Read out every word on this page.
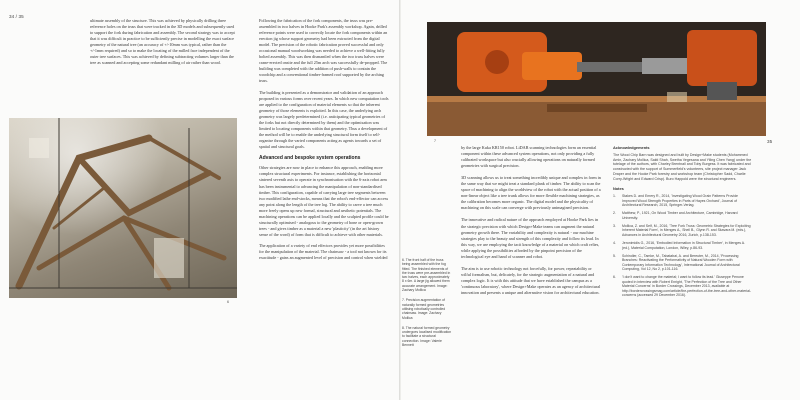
34 / 35

ultimate assembly of the structure. This was achieved by physically drilling three reference holes on the truss that were tracked in the 3D models and subsequently used to support the fork during fabrication and assembly. The second strategy was to accept that it was difficult in practice to be sufficiently precise in modelling the exact surface geometry of the natural tree (an accuracy of +/-10mm was typical, rather than the +/-1mm required) and so to make the locating of the milled face independent of the outer tree surfaces. This was achieved by defining subtracting volumes larger than the tree as scanned and accepting some redundant milling of air rather than wood.

6

Following the fabrication of the fork components, the truss was pre-assembled in two halves in Hooke Park's assembly workshop. Again, drilled reference points were used to correctly locate the fork components within an erection jig whose support geometry had been extracted from the digital model. The precision of the robotic fabrication proved successful and only occasional manual woodworking was needed to achieve a well-fitting fully bolted assembly. This was then dismantled when the two truss halves were crane-erected onsite and the full 25m arch was successfully de-propped. The building was completed with the addition of push-walls to contain the woodchip and a conventional timber-framed roof supported by the arching truss.

The building is presented as a demonstrator and validation of an approach proposed in various forms over recent years. In which new computation tools are applied to the configuration of material elements so that the inherent geometry of those elements is exploited. In this case, the underlying arch geometry was largely predetermined (i.e. anticipating typical geometries of the forks but not directly determined by them) and the optimisation was limited to locating components within that geometry. Thus a development of the method will be to enable the underlying structural form itself to self-organise through the varied components acting as agents towards a set of spatial and structural goals.

Advanced and bespoke system operations

Other strategies are now in place to enhance this approach, enabling more complex structural experiments. For instance, establishing the horizontal sintered seventh axis to operate in synchronisation with the 6-axis robot arm has been instrumental to advancing the manipulation of non-standardised timber. This configuration, capable of carrying large tree segments between two modified lathe end-stocks, means that the robot's end-effector can access any point along the length of the tree log. The ability to carve a tree much more freely opens up new formal, structural and aesthetic potentials. The machining operations can be applied locally and the sculpted profile could be structurally optimised - analogous to the geometry of bone or open-grown trees - and gives timber as a material a new 'plasticity' (in the art history sense of the word) of form that is difficult to achieve with other materials.

The application of a variety of end effectors provides yet more possibilities for the manipulation of the material. The chainsaw - a tool not known for its exactitude - gains an augmented level of precision and control when wielded

7	35

6. The front half of the truss being assembled with the fog fitted. The finished elements of the truss were pre-assembled in two halves, each approximately 8 x 6m. A large jig allowed them accurate arrangement. Image: Zachary Mollica

7. Precision augmentation of naturally formed geometries utilising robotically controlled chainsaw. Image: Zachary Mollica

8. The natural formed geometry undergoes localised modification to facilitate a structural connection. Image: Valerie Bennett

by the large Kuka KR150 robot. LiDAR scanning technologies form an essential component within these advanced system operations, not only providing a fully calibrated workspace but also crucially allowing operations on naturally formed geometries with surgical precision.

3D scanning allows us to treat something incredibly unique and complex in form in the same way that we might treat a standard plank of timber. The ability to scan the space of machining to align the worldview of the robot with the actual position of a non-linear object like a tree trunk allows for more flexible machining strategies, as the calibration becomes more organic. The digital model and the physicality of machining on this scale can converge with previously unimagined precision.

The innovative and radical nature of the approach employed at Hooke Park lies in the strategic precision with which Design+Make teams can augment the natural geometry growth there. The variability and complexity is natural - our machine strategies play to the beauty and strength of this complexity and follow its lead. In this way, we are employing the tacit knowledge of a material on which craft relies, while applying the possibilities afforded by the pinpoint precision of the technological eye and hand of scanner and robot.

The aim is to use robotic technology not forcefully, for power, repeatability or wilful formalism, but, delicately, for the strategic augmentation of a natural and complex logic. It is with this attitude that we have established the campus as a 'continuous laboratory', where Design+Make operates as an agency of architectural innovation and presents a unique and alternative vision for architectural education.

Acknowledgements
The Wood Chip Barn was designed and built by Design+Make students (Mohammed Amin, Zachary Mollica, Sakti Shah, Swetha Vegesana and Yiling Chen Yang) under the tutelage of the authors, with Charley Brentnall and Toby Burgess. It was fabricated and constructed with the support of Summerfield's volunteers, site project manager Jack Draper and the Hooke Park forestry and workshop team (Christopher Sadd, Charlie Corry-Wright and Edward Crisp). Buro Happold were the structural engineers.
Notes
1. Stakes D. and Emery R., 2014, 'Investigating Wood Grain Patterns Provide Improved Wood Strength Properties in Parts of Hayes Orchard', Journal of Architectural Research, 2015, Springer-Verlag.
2. Matthew, P., 1921, On Wood Timber and Architecture, Cambridge, Harvard University.
3. Mollica, Z. and Self, M., 2016, 'Tree Fork Truss: Geometric Strategies for Exploiting Inherent Material Form', in Menges A., Sheil B., Glynn R. and Skavara M. (eds.), Advances in Architectural Geometry 2016, Zurich, p.138-153.
4. Jeronimidis G., 2016, 'Embodied Information in Structural Timber', in Menges A. (ed.), Material Computation, London, Wiley, p.86-93.
5. Schindler, C., Tamke, M., Tabatabai, A. and Bereuter, M., 2014, 'Processing Branches: Reactivating the Performativity of Natural Wooden Form with Contemporary Information Technology', International Journal of Architectural Computing, Vol 12, No 2, p.101-116.
6. 'I don't want to change the material; I want to follow its lead.' Giuseppe Penone quoted in interview with Robert Enright, 'The Perfection of the Tree and Other Material Concerns' in Border Crossings, December 2013, available at http://bordercrossingsmag.com/article/the-perfection-of-the-tree-and-other-material-concerns (accessed 29 December 2016).
